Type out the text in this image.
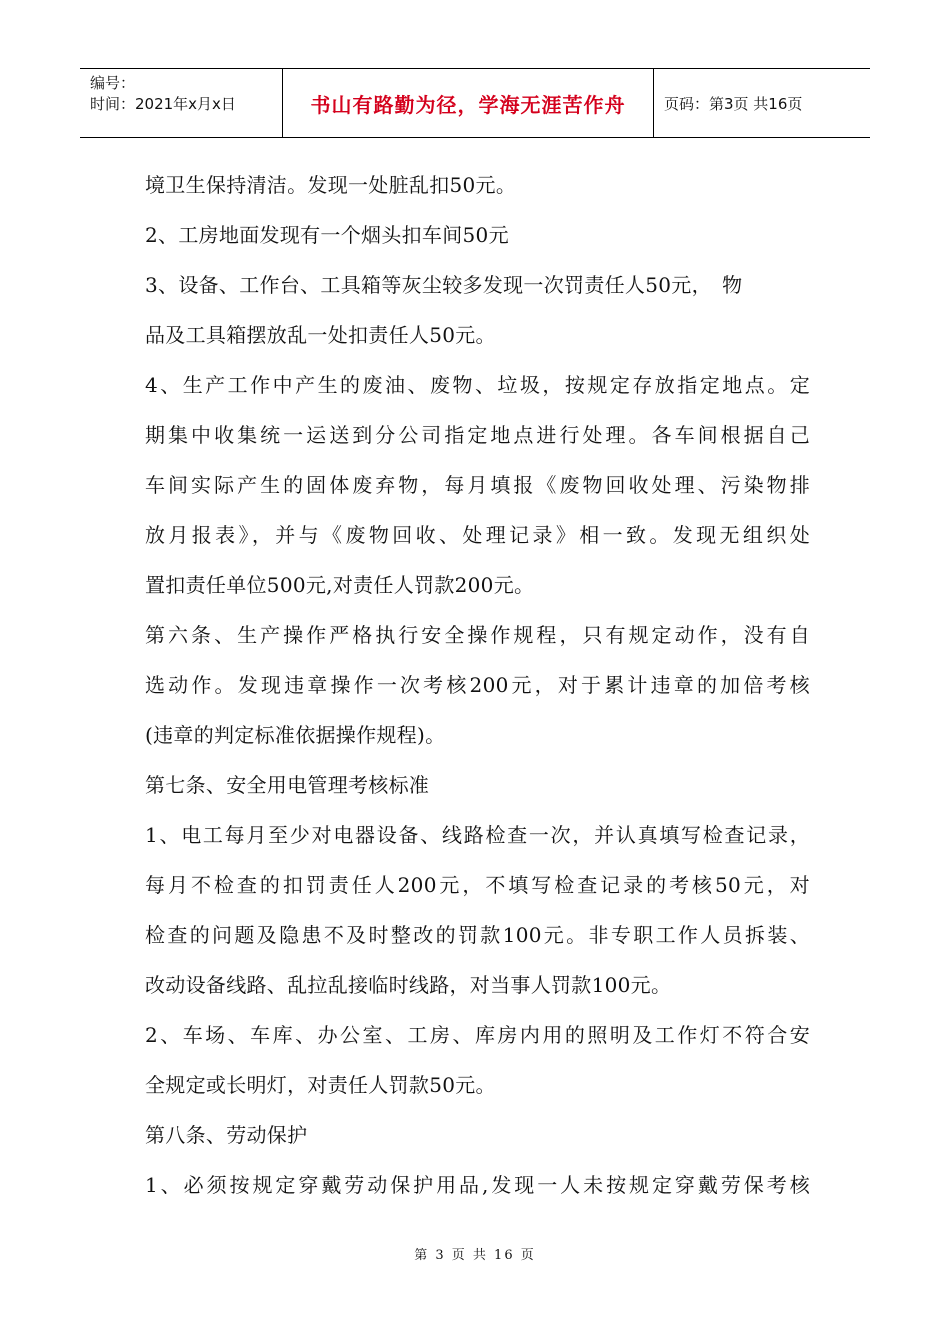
编号：
时间：2021年x月x日	书山有路勤为径，学海无涯苦作舟	页码：第3页 共16页
境卫生保持清洁。发现一处脏乱扣50元。
2、工房地面发现有一个烟头扣车间50元
3、设备、工作台、工具箱等灰尘较多发现一次罚责任人50元，　物
品及工具箱摆放乱一处扣责任人50元。
4、生产工作中产生的废油、废物、垃圾，按规定存放指定地点。定
期集中收集统一运送到分公司指定地点进行处理。各车间根据自己
车间实际产生的固体废弃物，每月填报《废物回收处理、污染物排
放月报表》，并与《废物回收、处理记录》相一致。发现无组织处
置扣责任单位500元,对责任人罚款200元。
第六条、生产操作严格执行安全操作规程，只有规定动作，没有自
选动作。发现违章操作一次考核200元，对于累计违章的加倍考核
(违章的判定标准依据操作规程)。
第七条、安全用电管理考核标准
1、电工每月至少对电器设备、线路检查一次，并认真填写检查记录，
每月不检查的扣罚责任人200元，不填写检查记录的考核50元，对
检查的问题及隐患不及时整改的罚款100元。非专职工作人员拆装、
改动设备线路、乱拉乱接临时线路，对当事人罚款100元。
2、车场、车库、办公室、工房、库房内用的照明及工作灯不符合安
全规定或长明灯，对责任人罚款50元。
第八条、劳动保护
1、必须按规定穿戴劳动保护用品,发现一人未按规定穿戴劳保考核
第 3 页 共 16 页
